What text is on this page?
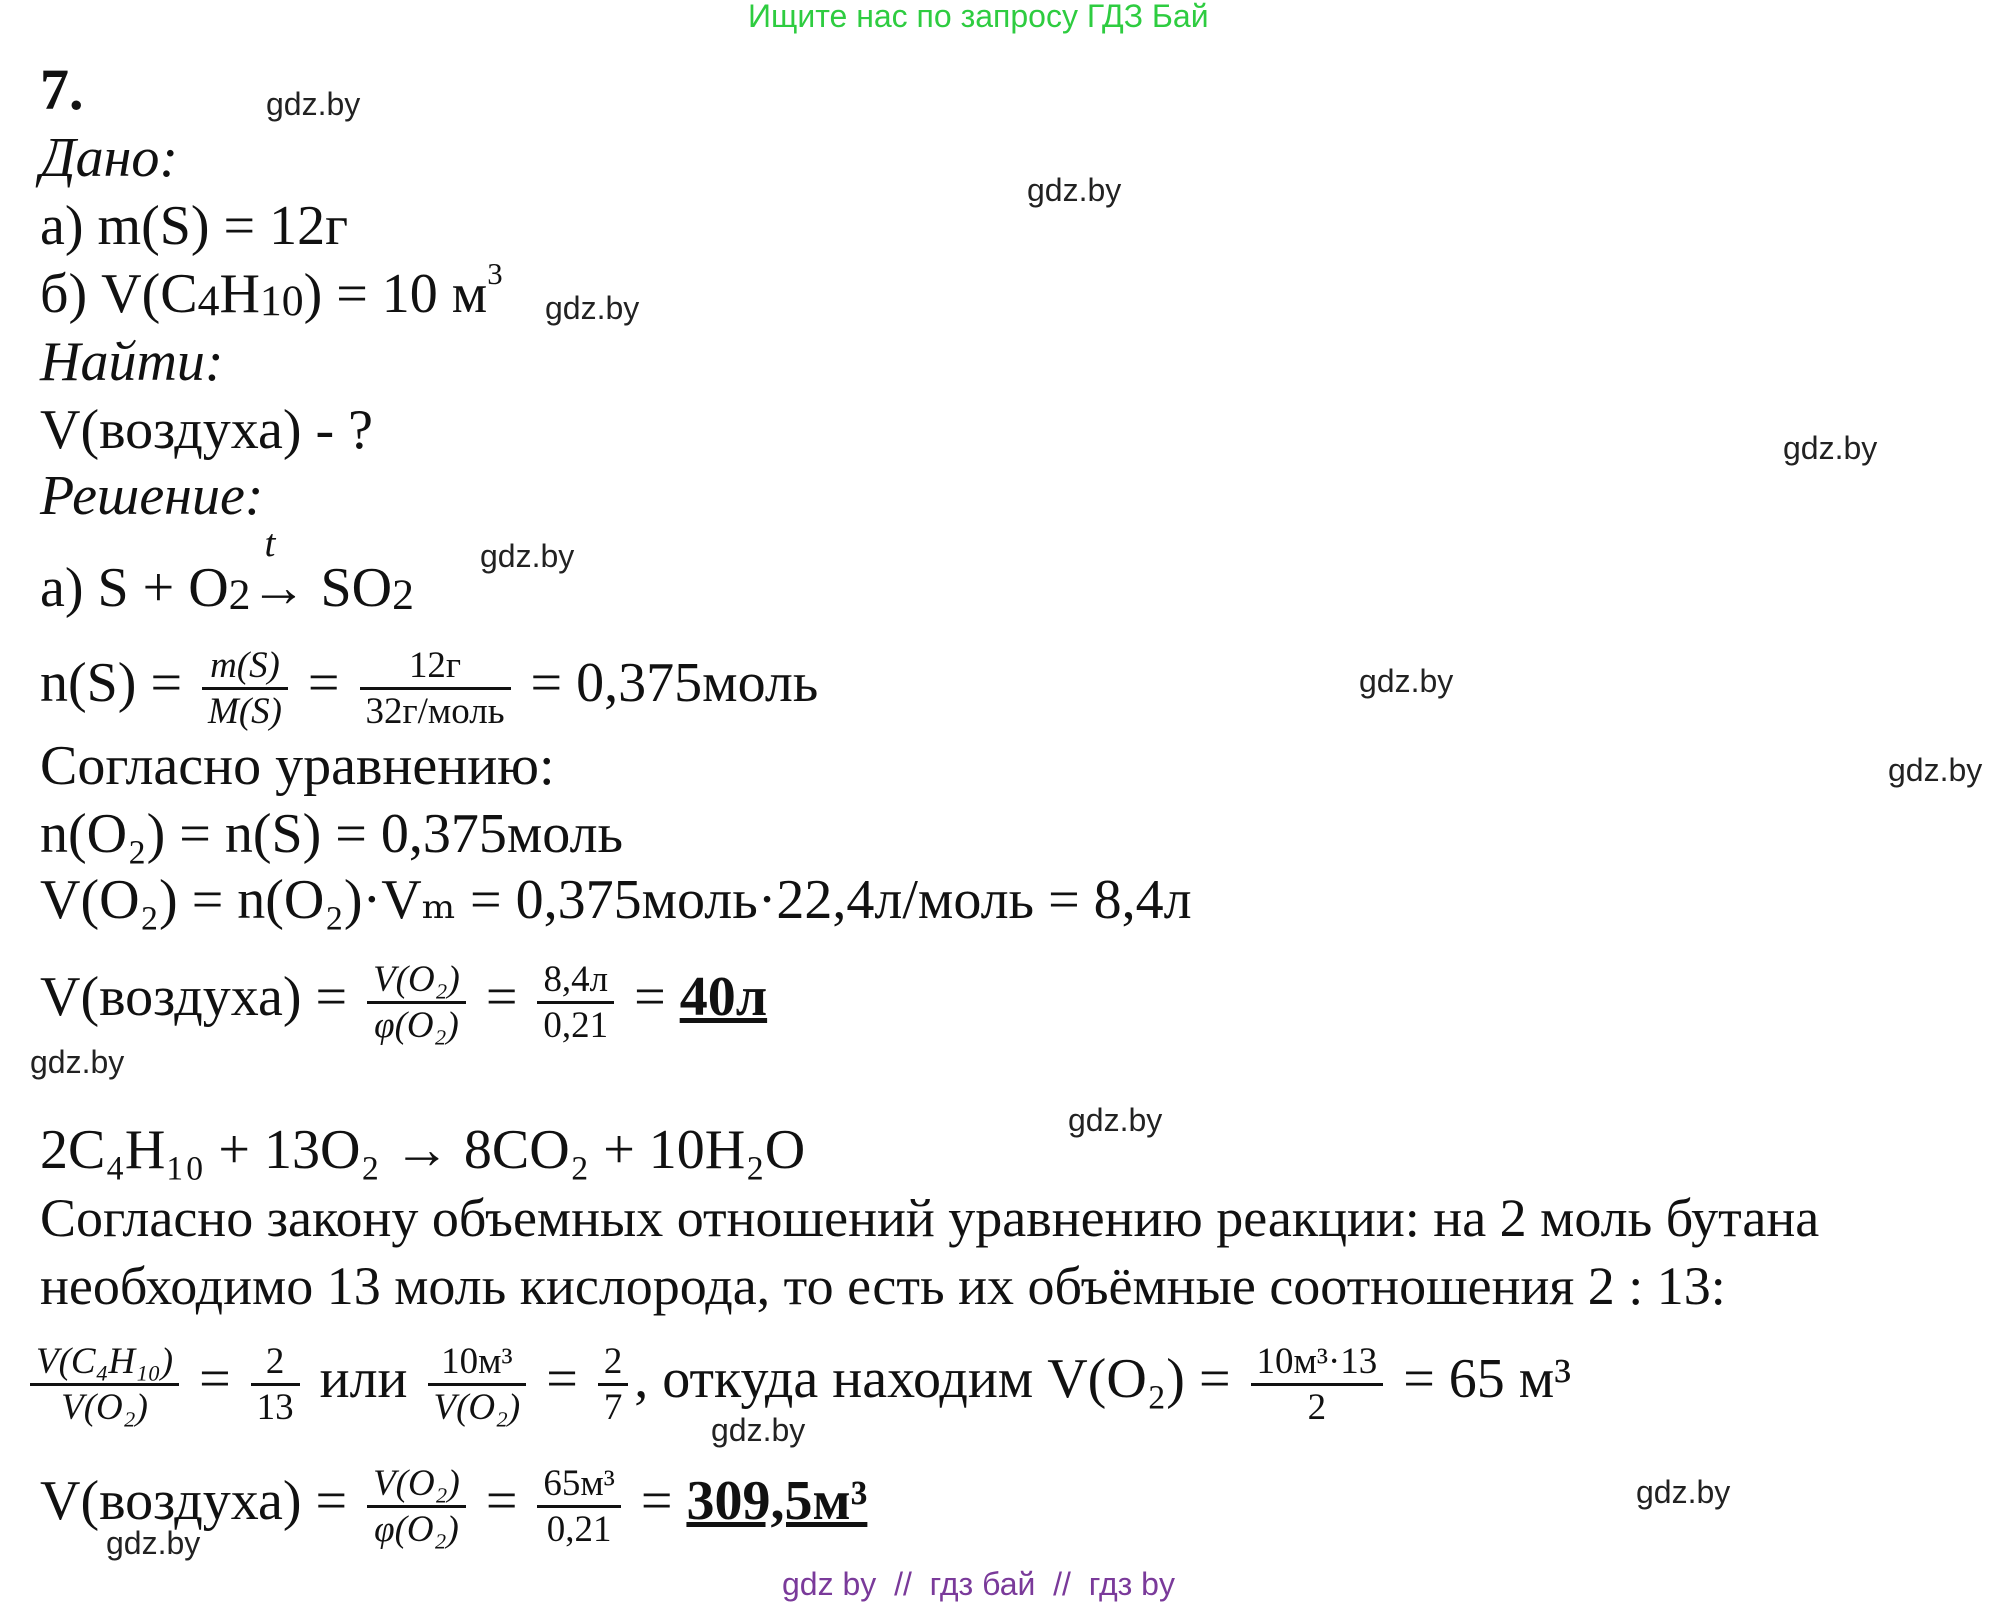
Ищите нас по запросу ГДЗ Бай
gdz.by
gdz.by
gdz.by
gdz.by
gdz.by
gdz.by
gdz.by
gdz.by
gdz.by
gdz.by
gdz.by
gdz.by
7.
Дано:
а) m(S) = 12г
б) V(C4H10) = 10 $м^3$
Найти:
V(воздуха) - ?
Решение:
а) S + O2
t
→ SO2
$n(S) = \frac{m(S)}{M(S)} = \frac{12г}{\text{32г/моль}}$ = 0,375моль
Согласно уравнению:
n(O₂) = n(S) = 0,375моль
V(O₂) = n(O₂)·Vₘ = 0,375моль·22,4л/моль = 8,4л
V(воздуха) = $\frac{\text{V(O₂)}}{\text{φ(O₂)}} = \frac{8,4л}{0,21} = 40л$
2C₄H₁₀ + 13O₂ → 8CO₂ + 10H₂O
Согласно закону объемных отношений уравнению реакции: на 2 моль бутана
необходимо 13 моль кислорода, то есть их объёмные соотношения 2 : 13:
$\frac{\text{V(C₄H₁₀)}}{\text{V(O₂)}} = \frac{2}{13}$ или $\frac{\text{10м³}}{\text{V(O₂)}} = \frac{2}{7}$ , откуда находим $V(O_2) = \frac{\text{10м³·13}}{2} = 65$ м³
V(воздуха) = $\frac{\text{V(O₂)}}{\text{φ(O₂)}} = \frac{\text{65м³}}{0,21} = 309,5м^3$
gdz by  //  гдз бай  //  гдз by
